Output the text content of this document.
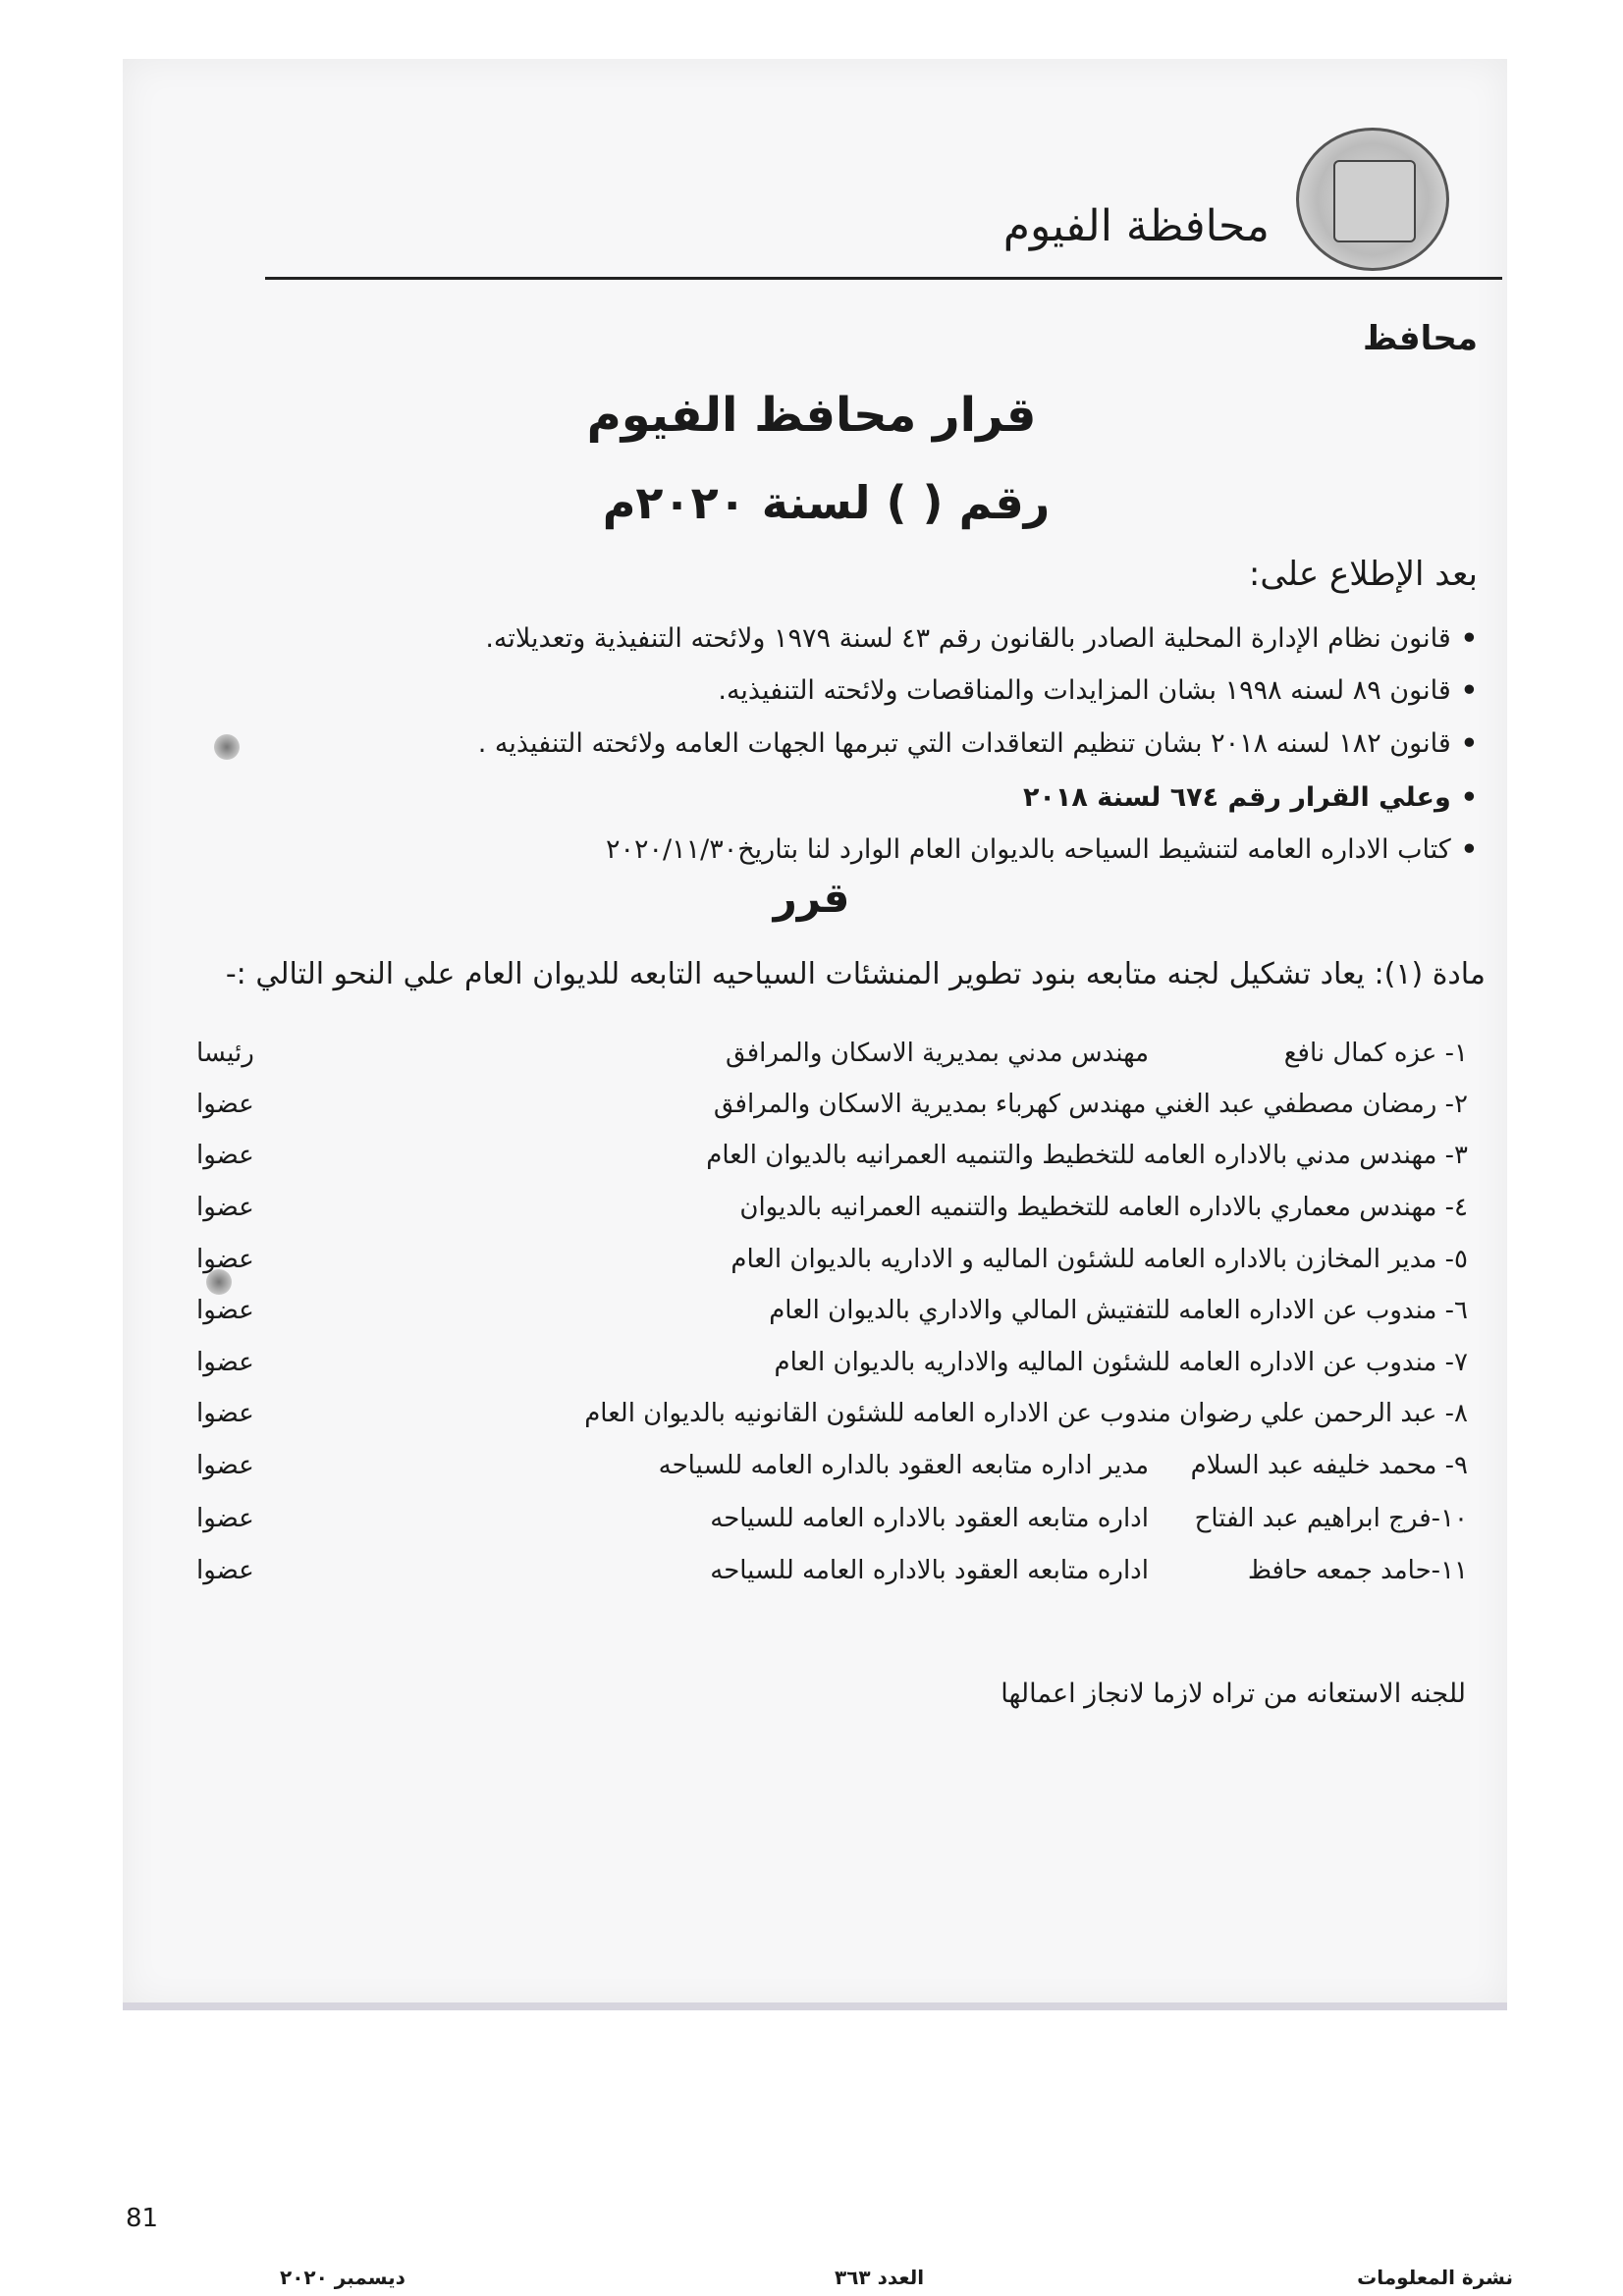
محافظة الفيوم
محافظ
قرار محافظ الفيوم
رقم ( ) لسنة ٢٠٢٠م
بعد الإطلاع على:
•قانون نظام الإدارة المحلية الصادر بالقانون رقم ٤٣ لسنة ١٩٧٩ ولائحته التنفيذية وتعديلاته.
•قانون ٨٩ لسنه ١٩٩٨ بشان المزايدات والمناقصات ولائحته التنفيذيه.
•قانون ١٨٢ لسنه ٢٠١٨ بشان تنظيم التعاقدات التي تبرمها الجهات العامه ولائحته التنفيذيه .
•وعلي القرار رقم ٦٧٤ لسنة ٢٠١٨
•كتاب الاداره العامه لتنشيط السياحه بالديوان العام الوارد لنا بتاريخ٢٠٢٠/١١/٣٠
قرر
مادة (١): يعاد تشكيل لجنه متابعه بنود تطوير المنشئات السياحيه التابعه للديوان العام علي النحو التالي :-
١- عزه كمال نافع
مهندس مدني بمديرية الاسكان والمرافق
رئيسا
٢- رمضان مصطفي عبد الغني مهندس كهرباء بمديرية الاسكان والمرافق
عضوا
٣- مهندس مدني بالاداره العامه للتخطيط والتنميه العمرانيه بالديوان العام
عضوا
٤- مهندس معماري بالاداره العامه للتخطيط والتنميه العمرانيه بالديوان
عضوا
٥- مدير المخازن بالاداره العامه للشئون الماليه و الاداريه بالديوان العام
عضوا
٦- مندوب عن الاداره العامه للتفتيش المالي والاداري بالديوان العام
عضوا
٧- مندوب عن الاداره العامه للشئون الماليه والاداريه بالديوان العام
عضوا
٨- عبد الرحمن علي رضوان مندوب عن الاداره العامه للشئون القانونيه بالديوان العام
عضوا
٩- محمد خليفه عبد السلام
مدير اداره متابعه العقود بالداره العامه للسياحه
عضوا
١٠-فرج ابراهيم عبد الفتاح
اداره متابعه العقود بالاداره العامه للسياحه
عضوا
١١-حامد جمعه حافظ
اداره متابعه العقود بالاداره العامه للسياحه
عضوا
للجنه الاستعانه من تراه لازما لانجاز اعمالها
81
نشرة المعلومات
العدد ٣٦٣
ديسمبر ٢٠٢٠
